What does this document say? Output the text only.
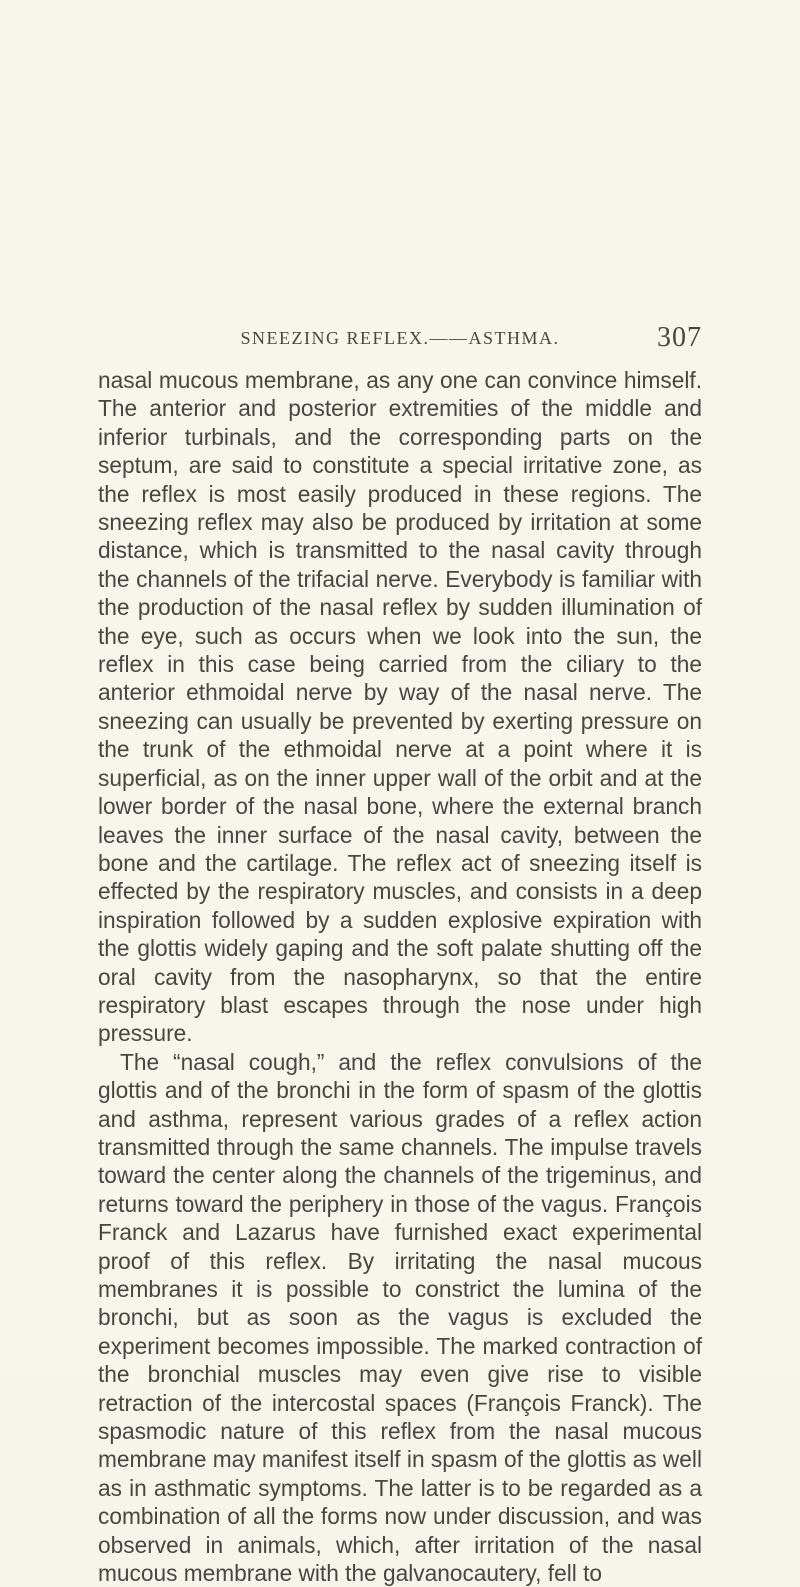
SNEEZING REFLEX.——ASTHMA.	307

nasal mucous membrane, as any one can convince himself. The anterior and posterior extremities of the middle and inferior turbinals, and the corresponding parts on the septum, are said to constitute a special irritative zone, as the reflex is most easily produced in these regions. The sneezing reflex may also be produced by irritation at some distance, which is transmitted to the nasal cavity through the channels of the trifacial nerve. Everybody is familiar with the production of the nasal reflex by sudden illumination of the eye, such as occurs when we look into the sun, the reflex in this case being carried from the ciliary to the anterior ethmoidal nerve by way of the nasal nerve. The sneezing can usually be prevented by exerting pressure on the trunk of the ethmoidal nerve at a point where it is superficial, as on the inner upper wall of the orbit and at the lower border of the nasal bone, where the external branch leaves the inner surface of the nasal cavity, between the bone and the cartilage. The reflex act of sneezing itself is effected by the respiratory muscles, and consists in a deep inspiration followed by a sudden explosive expiration with the glottis widely gaping and the soft palate shutting off the oral cavity from the nasopharynx, so that the entire respiratory blast escapes through the nose under high pressure.

The “nasal cough,” and the reflex convulsions of the glottis and of the bronchi in the form of spasm of the glottis and asthma, represent various grades of a reflex action transmitted through the same channels. The impulse travels toward the center along the channels of the trigeminus, and returns toward the periphery in those of the vagus. François Franck and Lazarus have furnished exact experimental proof of this reflex. By irritating the nasal mucous membranes it is possible to constrict the lumina of the bronchi, but as soon as the vagus is excluded the experiment becomes impossible. The marked contraction of the bronchial muscles may even give rise to visible retraction of the intercostal spaces (François Franck). The spasmodic nature of this reflex from the nasal mucous membrane may manifest itself in spasm of the glottis as well as in asthmatic symptoms. The latter is to be regarded as a combination of all the forms now under discussion, and was observed in animals, which, after irritation of the nasal mucous membrane with the galvanocautery, fell to
